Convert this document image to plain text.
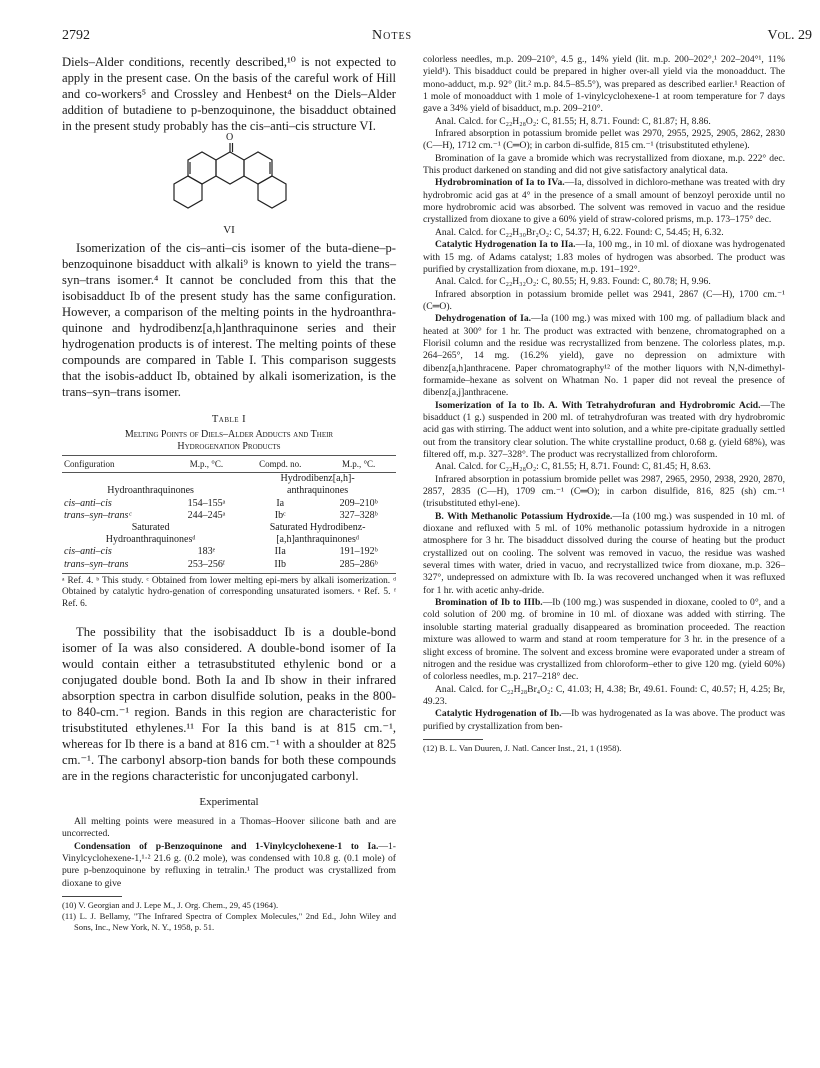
2792	Notes	Vol. 29

Diels–Alder conditions, recently described,¹⁰ is not expected to apply in the present case. On the basis of the careful work of Hill and co-workers⁵ and Crossley and Henbest⁴ on the Diels–Alder addition of butadiene to p-benzoquinone, the bisadduct obtained in the present study probably has the cis–anti–cis structure VI.

O
VI

Isomerization of the cis–anti–cis isomer of the buta-diene–p-benzoquinone bisadduct with alkali⁹ is known to yield the trans–syn–trans isomer.⁴ It cannot be concluded from this that the isobisadduct Ib of the present study has the same configuration. However, a comparison of the melting points in the hydroanthra-quinone and hydrodibenz[a,h]anthraquinone series and their hydrogenation products is of interest. The melting points of these compounds are compared in Table I. This comparison suggests that the isobis-adduct Ib, obtained by alkali isomerization, is the trans–syn–trans isomer.

Table I
Melting Points of Diels–Alder Adducts and Their
Hydrogenation Products
Configuration	M.p., °C.	Compd. no.	M.p., °C.
		Hydrodibenz[a,h]-	
Hydroanthraquinones		anthraquinones	
cis–anti–cis	154–155ᵃ	Ia	209–210ᵇ
trans–syn–transᶜ	244–245ᵃ	Ibᶜ	327–328ᵇ
Saturated		Saturated Hydrodibenz-	
Hydroanthraquinonesᵈ		[a,h]anthraquinonesᵈ	
cis–anti–cis	183ᵉ	IIa	191–192ᵇ
trans–syn–trans	253–256ᶠ	IIb	285–286ᵇ
ᵃ Ref. 4. ᵇ This study. ᶜ Obtained from lower melting epi-mers by alkali isomerization. ᵈ Obtained by catalytic hydro-genation of corresponding unsaturated isomers. ᵉ Ref. 5. ᶠ Ref. 6.

The possibility that the isobisadduct Ib is a double-bond isomer of Ia was also considered. A double-bond isomer of Ia would contain either a tetrasubstituted ethylenic bond or a conjugated double bond. Both Ia and Ib show in their infrared absorption spectra in carbon disulfide solution, peaks in the 800- to 840-cm.⁻¹ region. Bands in this region are characteristic for trisubstituted ethylenes.¹¹ For Ia this band is at 815 cm.⁻¹, whereas for Ib there is a band at 816 cm.⁻¹ with a shoulder at 825 cm.⁻¹. The carbonyl absorp-tion bands for both these compounds are in the regions characteristic for unconjugated carbonyl.

Experimental

All melting points were measured in a Thomas–Hoover silicone bath and are uncorrected.

Condensation of p-Benzoquinone and 1-Vinylcyclohexene-1 to Ia.—1-Vinylcyclohexene-1,¹·² 21.6 g. (0.2 mole), was condensed with 10.8 g. (0.1 mole) of pure p-benzoquinone by refluxing in tetralin.¹ The product was crystallized from dioxane to give

(10) V. Georgian and J. Lepe M., J. Org. Chem., 29, 45 (1964).
(11) L. J. Bellamy, "The Infrared Spectra of Complex Molecules," 2nd Ed., John Wiley and Sons, Inc., New York, N. Y., 1958, p. 51.

colorless needles, m.p. 209–210°, 4.5 g., 14% yield (lit. m.p. 200–202°,¹ 202–204°¹, 11% yield¹). This bisadduct could be prepared in higher over-all yield via the monoadduct. The mono-adduct, m.p. 92° (lit.² m.p. 84.5–85.5°), was prepared as described earlier.¹ Reaction of 1 mole of monoadduct with 1 mole of 1-vinylcyclohexene-1 at room temperature for 7 days gave a 34% yield of bisadduct, m.p. 209–210°.

Anal. Calcd. for C₂₂H₂₈O₂: C, 81.55; H, 8.71. Found: C, 81.87; H, 8.86.

Infrared absorption in potassium bromide pellet was 2970, 2955, 2925, 2905, 2862, 2830 (C—H), 1712 cm.⁻¹ (C═O); in carbon di-sulfide, 815 cm.⁻¹ (trisubstituted ethylene).

Bromination of Ia gave a bromide which was recrystallized from dioxane, m.p. 222° dec. This product darkened on standing and did not give satisfactory analytical data.

Hydrobromination of Ia to IVa.—Ia, dissolved in dichloro-methane was treated with dry hydrobromic acid gas at 4° in the presence of a small amount of benzoyl peroxide until no more hydrobromic acid was absorbed. The solvent was removed in vacuo and the residue crystallized from dioxane to give a 60% yield of straw-colored prisms, m.p. 173–175° dec.

Anal. Calcd. for C₂₂H₃₀Br₂O₂: C, 54.37; H, 6.22. Found: C, 54.45; H, 6.32.

Catalytic Hydrogenation Ia to IIa.—Ia, 100 mg., in 10 ml. of dioxane was hydrogenated with 15 mg. of Adams catalyst; 1.83 moles of hydrogen was absorbed. The product was purified by crystallization from dioxane, m.p. 191–192°.

Anal. Calcd. for C₂₂H₃₂O₂: C, 80.55; H, 9.83. Found: C, 80.78; H, 9.96.

Infrared absorption in potassium bromide pellet was 2941, 2867 (C—H), 1700 cm.⁻¹ (C═O).

Dehydrogenation of Ia.—Ia (100 mg.) was mixed with 100 mg. of palladium black and heated at 300° for 1 hr. The product was extracted with benzene, chromatographed on a Florisil column and the residue was recrystallized from benzene. The colorless plates, m.p. 264–265°, 14 mg. (16.2% yield), gave no depression on admixture with dibenz[a,h]anthracene. Paper chromatography¹² of the mother liquors with N,N-dimethyl-formamide–hexane as solvent on Whatman No. 1 paper did not reveal the presence of dibenz[a,j]anthracene.

Isomerization of Ia to Ib. A. With Tetrahydrofuran and Hydrobromic Acid.—The bisadduct (1 g.) suspended in 200 ml. of tetrahydrofuran was treated with dry hydrobromic acid gas with stirring. The adduct went into solution, and a white pre-cipitate gradually settled out from the transitory clear solution. The white crystalline product, 0.68 g. (yield 68%), was filtered off, m.p. 327–328°. The product was recrystallized from chloroform.

Anal. Calcd. for C₂₂H₂₈O₂: C, 81.55; H, 8.71. Found: C, 81.45; H, 8.63.

Infrared absorption in potassium bromide pellet was 2987, 2965, 2950, 2938, 2920, 2870, 2857, 2835 (C—H), 1709 cm.⁻¹ (C═O); in carbon disulfide, 816, 825 (sh) cm.⁻¹ (trisubstituted ethyl-ene).

B. With Methanolic Potassium Hydroxide.—Ia (100 mg.) was suspended in 10 ml. of dioxane and refluxed with 5 ml. of 10% methanolic potassium hydroxide in a nitrogen atmosphere for 3 hr. The bisadduct dissolved during the course of heating but the product crystallized out on cooling. The solvent was removed in vacuo, the residue was washed several times with water, dried in vacuo, and recrystallized twice from dioxane, m.p. 326–327°, undepressed on admixture with Ib. Ia was recovered unchanged when it was refluxed for 1 hr. with acetic anhy-dride.

Bromination of Ib to IIIb.—Ib (100 mg.) was suspended in dioxane, cooled to 0°, and a cold solution of 200 mg. of bromine in 10 ml. of dioxane was added with stirring. The insoluble starting material gradually disappeared as bromination proceeded. The reaction mixture was allowed to warm and stand at room temperature for 3 hr. in the presence of a slight excess of bromine. The solvent and excess bromine were evaporated under a stream of nitrogen and the residue was crystallized from chloroform–ether to give 120 mg. (yield 60%) of colorless needles, m.p. 217–218° dec.

Anal. Calcd. for C₂₂H₂₈Br₄O₂: C, 41.03; H, 4.38; Br, 49.61. Found: C, 40.57; H, 4.25; Br, 49.23.

Catalytic Hydrogenation of Ib.—Ib was hydrogenated as Ia was above. The product was purified by crystallization from ben-

(12) B. L. Van Duuren, J. Natl. Cancer Inst., 21, 1 (1958).
